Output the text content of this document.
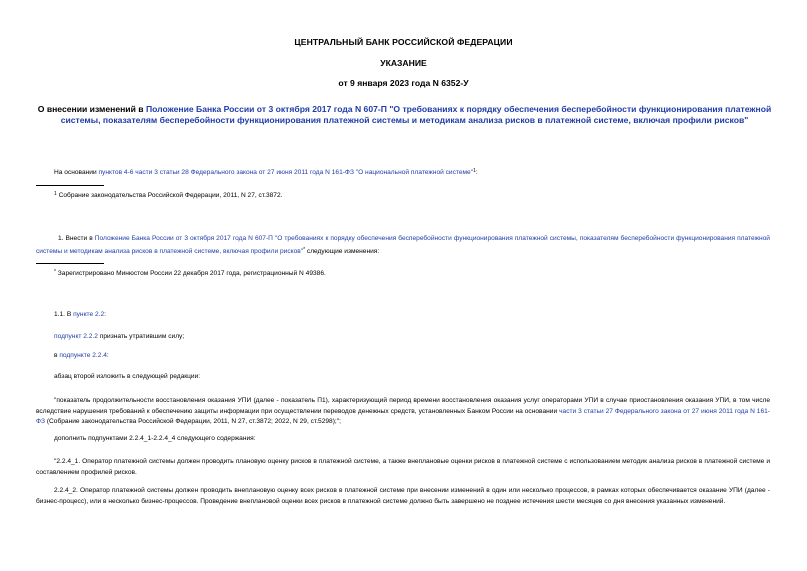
ЦЕНТРАЛЬНЫЙ БАНК РОССИЙСКОЙ ФЕДЕРАЦИИ

УКАЗАНИЕ

от 9 января 2023 года N 6352-У

О внесении изменений в Положение Банка России от 3 октября 2017 года N 607-П "О требованиях к порядку обеспечения бесперебойности функционирования платежной системы, показателям бесперебойности функционирования платежной системы и методикам анализа рисков в платежной системе, включая профили рисков"

На основании пунктов 4-6 части 3 статьи 28 Федерального закона от 27 июня 2011 года N 161-ФЗ "О национальной платежной системе"$^1$:

$^1$ Собрание законодательства Российской Федерации, 2011, N 27, ст.3872.

1. Внести в Положение Банка России от 3 октября 2017 года N 607-П "О требованиях к порядку обеспечения бесперебойности функционирования платежной системы, показателям бесперебойности функционирования платежной системы и методикам анализа рисков в платежной системе, включая профили рисков"* следующие изменения:

* Зарегистрировано Минюстом России 22 декабря 2017 года, регистрационный N 49386.

1.1. В пункте 2.2:

подпункт 2.2.2 признать утратившим силу;

в подпункте 2.2.4:

абзац второй изложить в следующей редакции:

"показатель продолжительности восстановления оказания УПИ (далее - показатель П1), характеризующий период времени восстановления оказания услуг операторами УПИ в случае приостановления оказания УПИ, в том числе вследствие нарушения требований к обеспечению защиты информации при осуществлении переводов денежных средств, установленных Банком России на основании части 3 статьи 27 Федерального закона от 27 июня 2011 года N 161-ФЗ (Собрание законодательства Российской Федерации, 2011, N 27, ст.3872; 2022, N 29, ст.5298);";

дополнить подпунктами 2.2.4_1-2.2.4_4 следующего содержания:

"2.2.4_1. Оператор платежной системы должен проводить плановую оценку рисков в платежной системе, а также внеплановые оценки рисков в платежной системе с использованием методик анализа рисков в платежной системе и составлением профилей рисков.

2.2.4_2. Оператор платежной системы должен проводить внеплановую оценку всех рисков в платежной системе при внесении изменений в один или несколько процессов, в рамках которых обеспечивается оказание УПИ (далее - бизнес-процесс), или в несколько бизнес-процессов. Проведение внеплановой оценки всех рисков в платежной системе должно быть завершено не позднее истечения шести месяцев со дня внесения указанных изменений.
